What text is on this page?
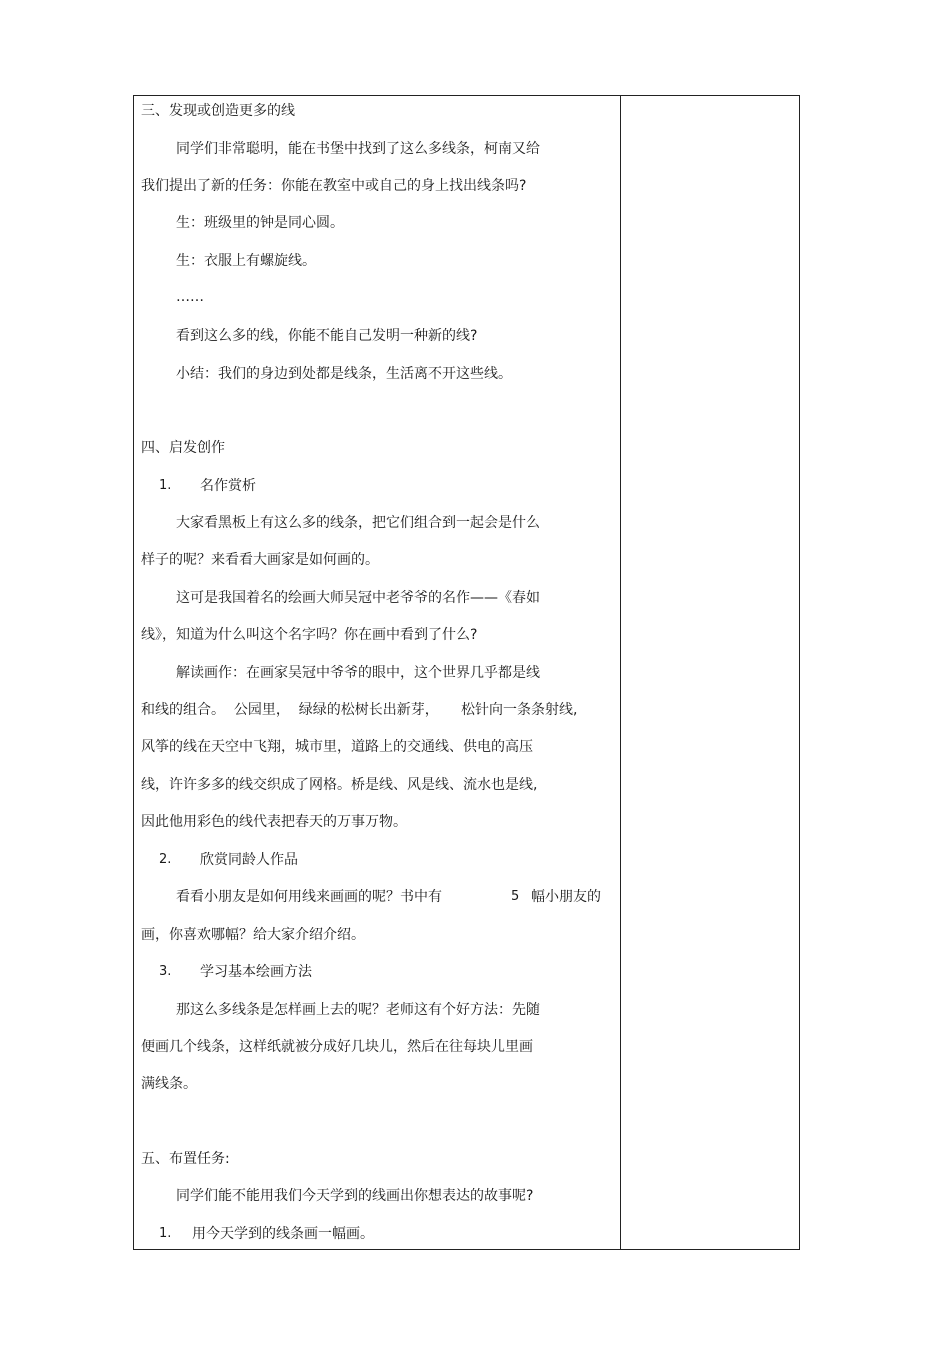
三、发现或创造更多的线
同学们非常聪明，能在书堡中找到了这么多线条，柯南又给
我们提出了新的任务：你能在教室中或自己的身上找出线条吗?
生：班级里的钟是同心圆。
生：衣服上有螺旋线。
……
看到这么多的线，你能不能自己发明一种新的线?
小结：我们的身边到处都是线条，生活离不开这些线。
四、启发创作
1. 名作赏析
大家看黑板上有这么多的线条，把它们组合到一起会是什么
样子的呢？来看看大画家是如何画的。
这可是我国着名的绘画大师吴冠中老爷爷的名作——《春如
线》，知道为什么叫这个名字吗？你在画中看到了什么?
解读画作：在画家吴冠中爷爷的眼中，这个世界几乎都是线
和线的组合。  公园里，  绿绿的松树长出新芽，     松针向一条条射线,
风筝的线在天空中飞翔，城市里，道路上的交通线、供电的高压
线，许许多多的线交织成了网格。桥是线、风是线、流水也是线,
因此他用彩色的线代表把春天的万事万物。
2. 欣赏同龄人作品
看看小朋友是如何用线来画画的呢？书中有	5 幅小朋友的
画，你喜欢哪幅？给大家介绍介绍。
3. 学习基本绘画方法
那这么多线条是怎样画上去的呢？老师这有个好方法：先随
便画几个线条，这样纸就被分成好几块儿，然后在往每块儿里画
满线条。
五、布置任务:
同学们能不能用我们今天学到的线画出你想表达的故事呢?
1. 用今天学到的线条画一幅画。
